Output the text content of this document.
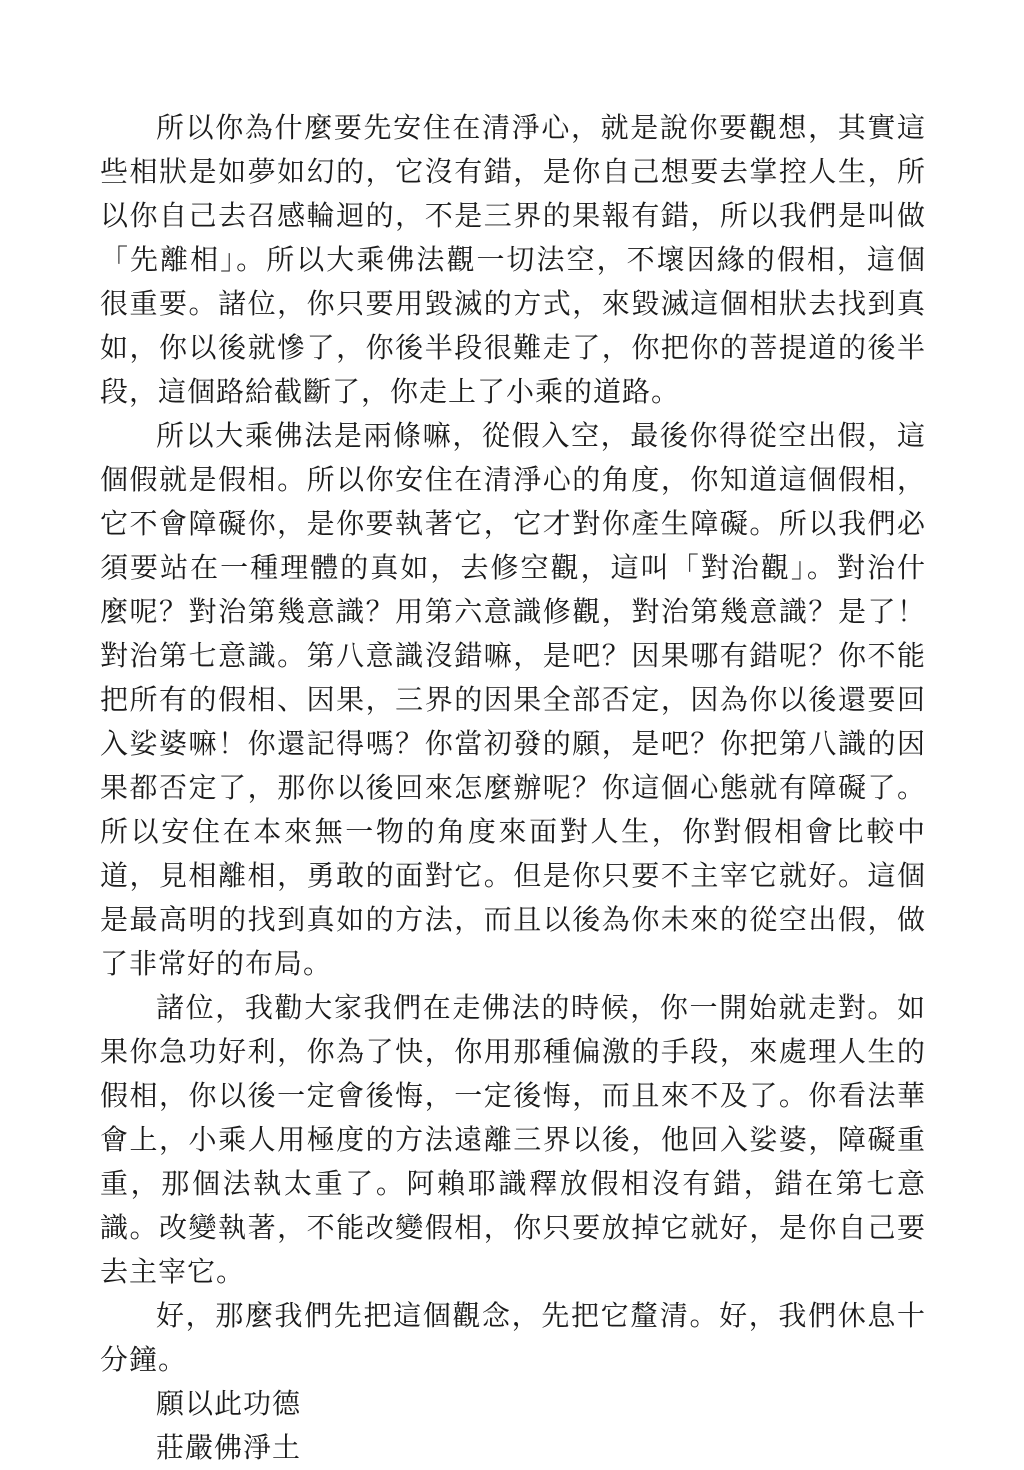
所以你為什麼要先安住在清淨心，就是說你要觀想，其實這些相狀是如夢如幻的，它沒有錯，是你自己想要去掌控人生，所以你自己去召感輪迴的，不是三界的果報有錯，所以我們是叫做「先離相」。所以大乘佛法觀一切法空，不壞因緣的假相，這個很重要。諸位，你只要用毀滅的方式，來毀滅這個相狀去找到真如，你以後就慘了，你後半段很難走了，你把你的菩提道的後半段，這個路給截斷了，你走上了小乘的道路。

所以大乘佛法是兩條嘛，從假入空，最後你得從空出假，這個假就是假相。所以你安住在清淨心的角度，你知道這個假相，它不會障礙你，是你要執著它，它才對你產生障礙。所以我們必須要站在一種理體的真如，去修空觀，這叫「對治觀」。對治什麼呢？對治第幾意識？用第六意識修觀，對治第幾意識？是了！對治第七意識。第八意識沒錯嘛，是吧？因果哪有錯呢？你不能把所有的假相、因果，三界的因果全部否定，因為你以後還要回入娑婆嘛！你還記得嗎？你當初發的願，是吧？你把第八識的因果都否定了，那你以後回來怎麼辦呢？你這個心態就有障礙了。所以安住在本來無一物的角度來面對人生，你對假相會比較中道，見相離相，勇敢的面對它。但是你只要不主宰它就好。這個是最高明的找到真如的方法，而且以後為你未來的從空出假，做了非常好的布局。

諸位，我勸大家我們在走佛法的時候，你一開始就走對。如果你急功好利，你為了快，你用那種偏激的手段，來處理人生的假相，你以後一定會後悔，一定後悔，而且來不及了。你看法華會上，小乘人用極度的方法遠離三界以後，他回入娑婆，障礙重重，那個法執太重了。阿賴耶識釋放假相沒有錯，錯在第七意識。改變執著，不能改變假相，你只要放掉它就好，是你自己要去主宰它。

好，那麼我們先把這個觀念，先把它釐清。好，我們休息十分鐘。

願以此功德

莊嚴佛淨土
